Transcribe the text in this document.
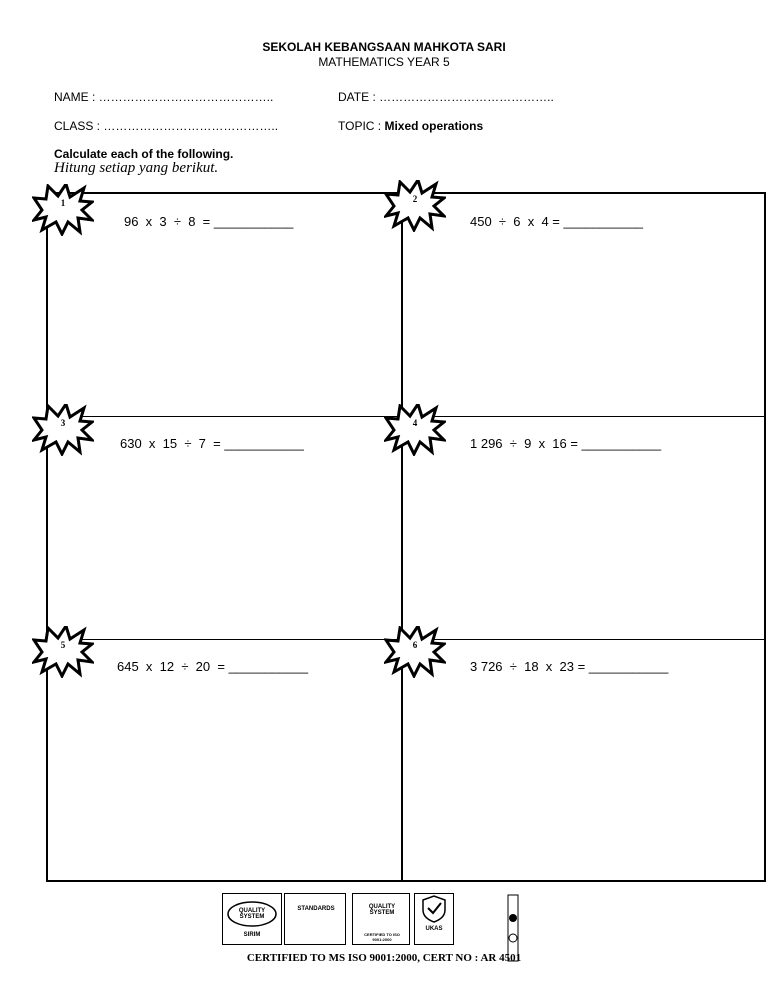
SEKOLAH KEBANGSAAN MAHKOTA SARI
MATHEMATICS YEAR 5
NAME : ……………………………………..	DATE : ……………………………………..
CLASS : ……………………………………..	TOPIC : Mixed operations
Calculate each of the following.
Hitung setiap yang berikut.
96  x  3  ÷  8  = ___________	450  ÷  6  x  4 = ___________
630  x  15  ÷  7  = ___________	1 296  ÷  9  x  16 = ___________
645  x  12  ÷  20  = ___________	3 726  ÷  18  x  23 = ___________
1	2
3	4
5	6
QUALITY SYSTEM
SIRIM
STANDARDS	QUALITY SYSTEM
CERTIFIED TO ISO 9001:2000
UKAS
CERTIFIED TO MS ISO 9001:2000, CERT NO : AR 4501
